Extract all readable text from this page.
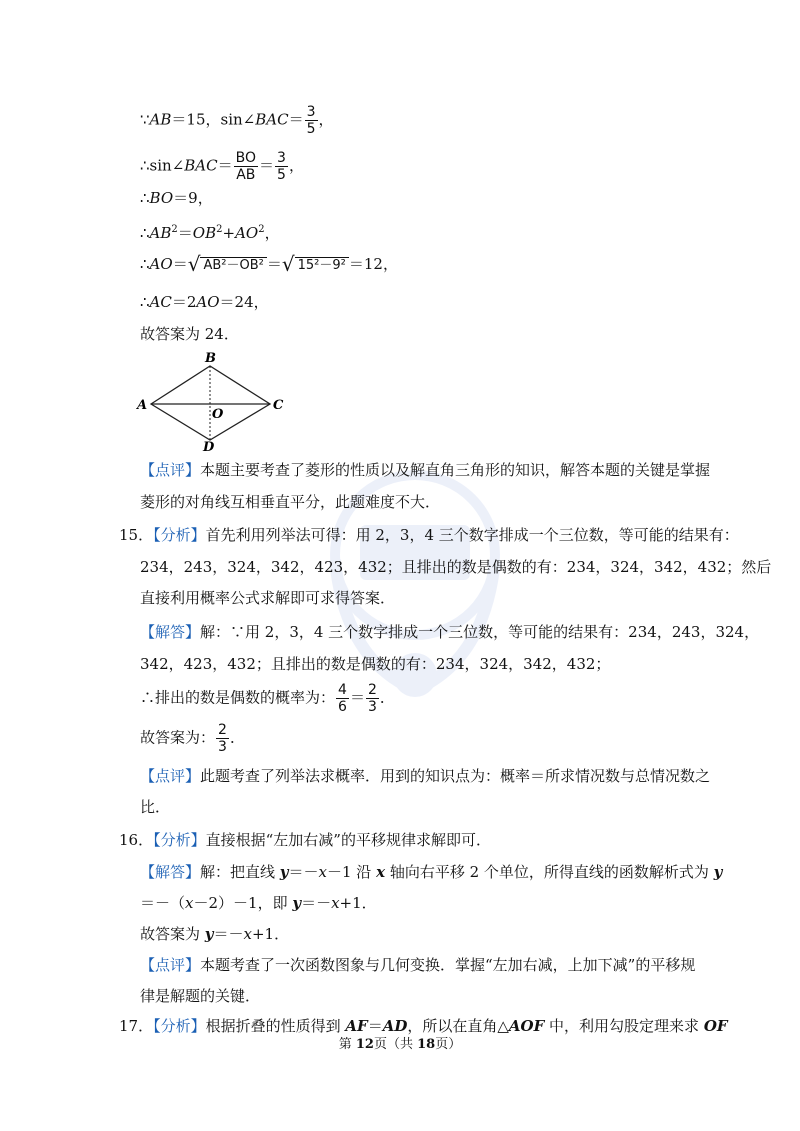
∵AB＝15，sin∠BAC＝ $\frac{3}{5}$ ，
∴sin∠BAC＝ $\frac{BO}{AB} = \frac{3}{5}$ ，
∴BO＝9，
$\therefore AB^2=OB^2+AO^2$，
∴AO＝√ AB²－OB² ＝√ 15²－9² ＝12，
∴AC＝2AO＝24，
故答案为 24．
B
A
O
C
D
【点评】本题主要考查了菱形的性质以及解直角三角形的知识，解答本题的关键是掌握
菱形的对角线互相垂直平分，此题难度不大．
15．【分析】首先利用列举法可得：用 2，3，4 三个数字排成一个三位数，等可能的结果有：
234，243，324，342，423，432；且排出的数是偶数的有：234，324，342，432；然后
直接利用概率公式求解即可求得答案．
【解答】解：∵用 2，3，4 三个数字排成一个三位数，等可能的结果有：234，243，324，
342，423，432；且排出的数是偶数的有：234，324，342，432；
∴排出的数是偶数的概率为： $\frac{4}{6} = \frac{2}{3}$ ．
故答案为： $\frac{2}{3}$ ．
【点评】此题考查了列举法求概率．用到的知识点为：概率＝所求情况数与总情况数之
比．
16．【分析】直接根据“左加右减”的平移规律求解即可．
【解答】解：把直线 y＝－x－1 沿 x 轴向右平移 2 个单位，所得直线的函数解析式为 y
＝－（x－2）－1，即 y＝－x+1．
故答案为 y＝－x+1．
【点评】本题考查了一次函数图象与几何变换．掌握“左加右减，上加下减”的平移规
律是解题的关键．
17．【分析】根据折叠的性质得到 AF＝AD，所以在直角△AOF 中，利用勾股定理来求 OF
第 12页（共 18页）
